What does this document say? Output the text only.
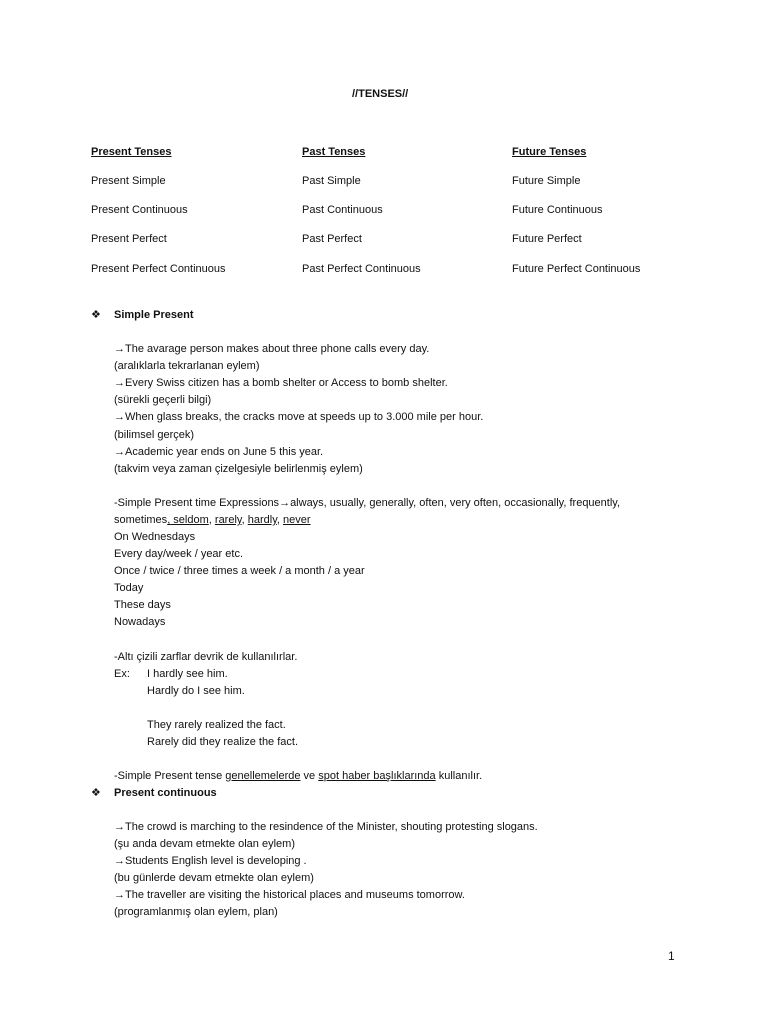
//TENSES//
Present Tenses	Past Tenses	Future Tenses
Present Simple	Past Simple	Future Simple
Present Continuous	Past Continuous	Future Continuous
Present Perfect	Past Perfect	Future Perfect
Present Perfect Continuous	Past Perfect Continuous	Future Perfect Continuous
❖ Simple Present
→The avarage person makes about three phone calls every day.
(aralıklarla tekrarlanan eylem)
→Every Swiss citizen has a bomb shelter or Access to bomb shelter.
(sürekli geçerli bilgi)
→When glass breaks, the cracks move at speeds up to 3.000 mile per hour.
(bilimsel gerçek)
→Academic year ends on June 5 this year.
(takvim veya zaman çizelgesiyle belirlenmiş eylem)
-Simple Present time Expressions→always, usually, generally, often, very often, occasionally, frequently,
sometimes, seldom, rarely, hardly, never
On Wednesdays
Every day/week / year etc.
Once / twice / three times a week / a month / a year
Today
These days
Nowadays
-Altı çizili zarflar devrik de kullanılırlar.
Ex: I hardly see him.
Hardly do I see him.
They rarely realized the fact.
Rarely did they realize the fact.
-Simple Present tense genellemelerde ve spot haber başlıklarında kullanılır.
❖ Present continuous
→The crowd is marching to the resindence of the Minister, shouting protesting slogans.
(şu anda devam etmekte olan eylem)
→Students English level is developing .
(bu günlerde devam etmekte olan eylem)
→The traveller are visiting the historical places and museums tomorrow.
(programlanmış olan eylem, plan)
1
